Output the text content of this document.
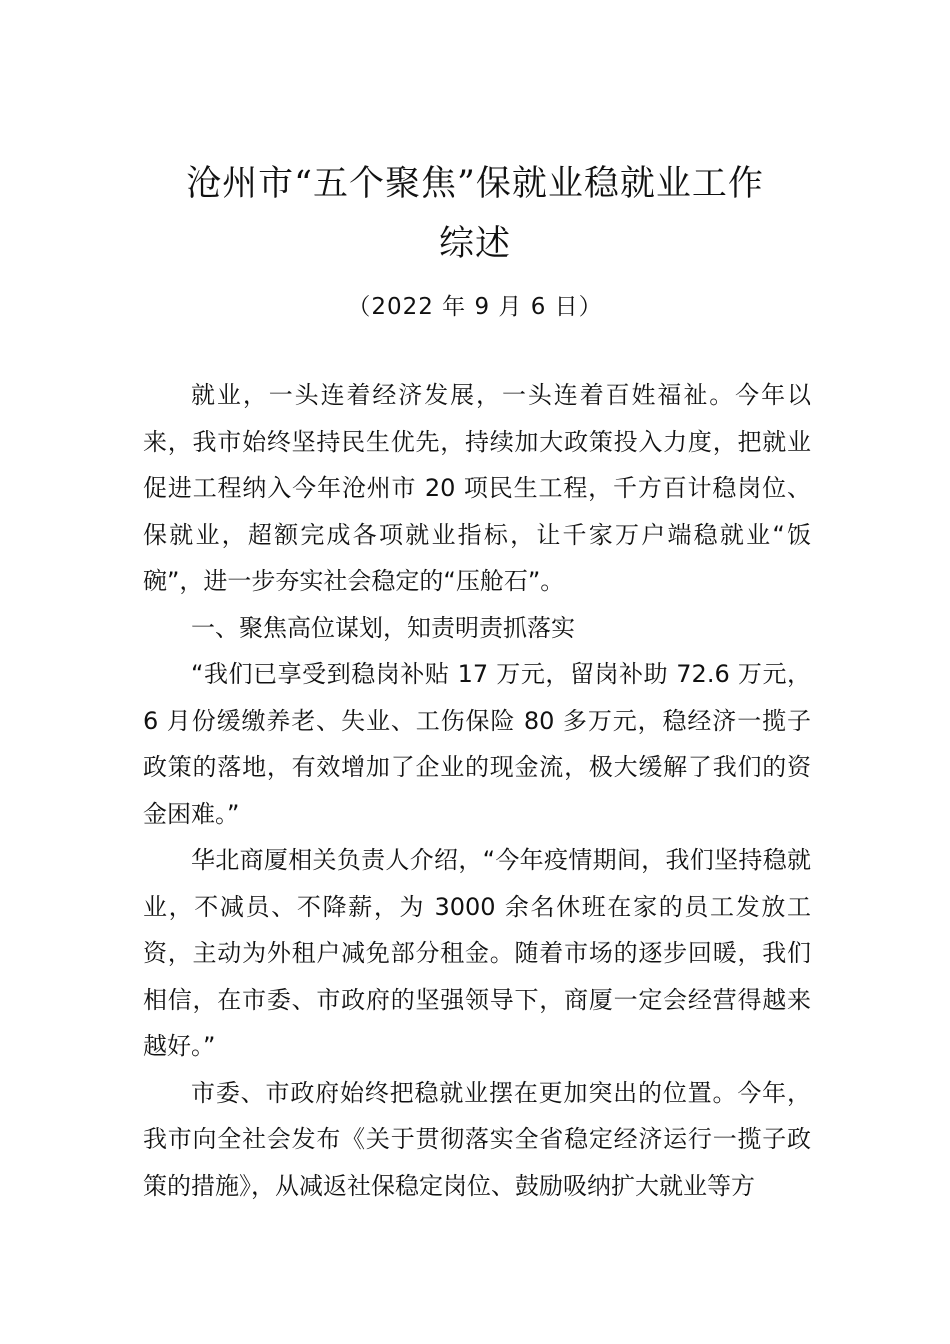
沧州市“五个聚焦”保就业稳就业工作
综述
（2022 年 9 月 6 日）

就业，一头连着经济发展，一头连着百姓福祉。今年以来，我市始终坚持民生优先，持续加大政策投入力度，把就业促进工程纳入今年沧州市 20 项民生工程，千方百计稳岗位、保就业，超额完成各项就业指标，让千家万户端稳就业“饭碗”，进一步夯实社会稳定的“压舱石”。

一、聚焦高位谋划，知责明责抓落实

“我们已享受到稳岗补贴 17 万元，留岗补助 72.6 万元，6 月份缓缴养老、失业、工伤保险 80 多万元，稳经济一揽子政策的落地，有效增加了企业的现金流，极大缓解了我们的资金困难。”

华北商厦相关负责人介绍，“今年疫情期间，我们坚持稳就业，不减员、不降薪，为 3000 余名休班在家的员工发放工资，主动为外租户减免部分租金。随着市场的逐步回暖，我们相信，在市委、市政府的坚强领导下，商厦一定会经营得越来越好。”

市委、市政府始终把稳就业摆在更加突出的位置。今年，我市向全社会发布《关于贯彻落实全省稳定经济运行一揽子政策的措施》，从减返社保稳定岗位、鼓励吸纳扩大就业等方
